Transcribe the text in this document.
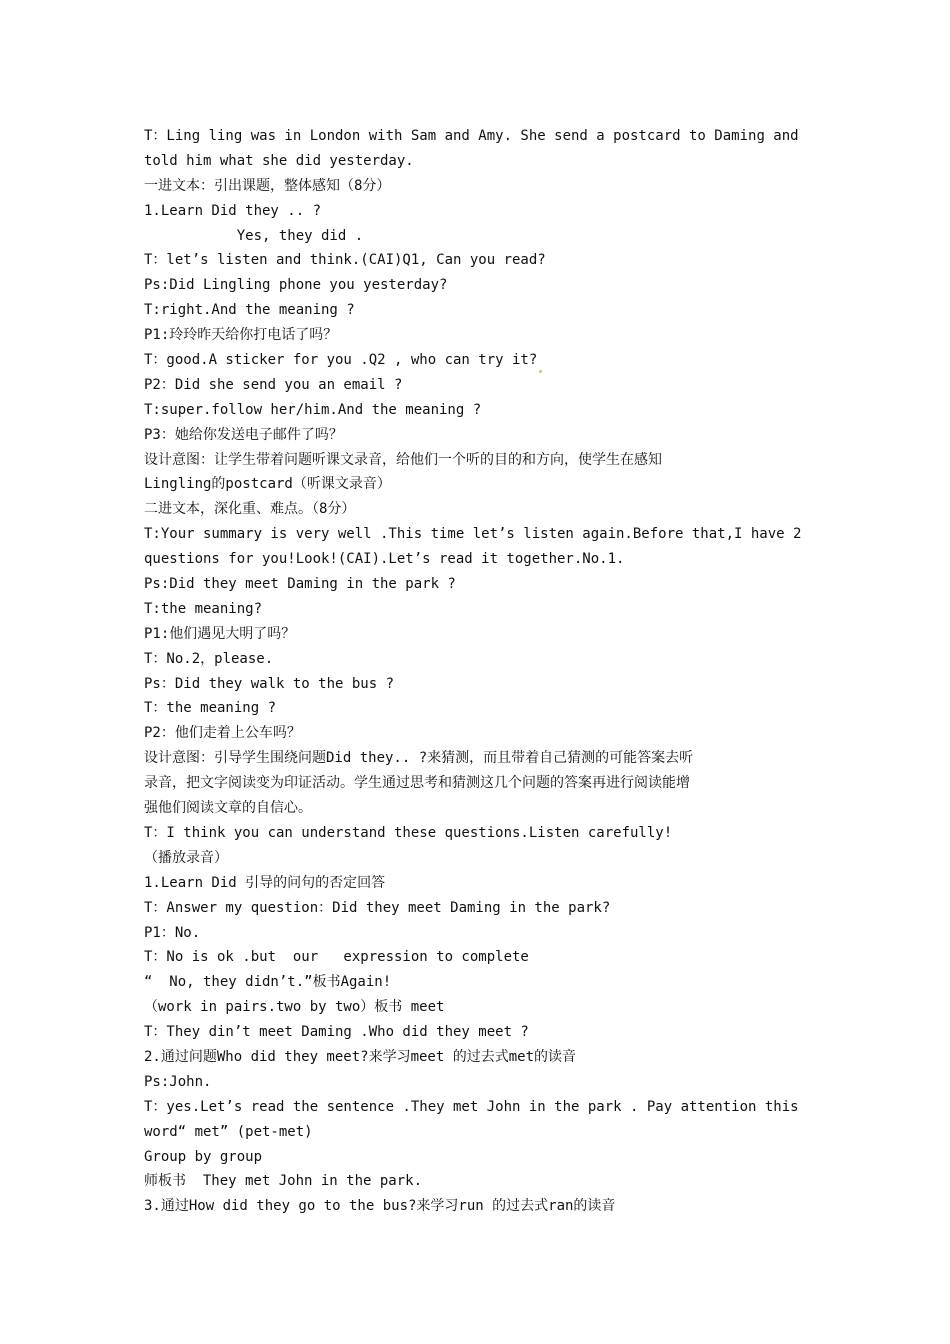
T：Ling ling was in London with Sam and Amy. She send a postcard to Daming and
told him what she did yesterday.
一进文本：引出课题，整体感知（8分）
1.Learn Did they .. ?
Yes, they did .
T：let’s listen and think.(CAI)Q1, Can you read?
Ps:Did Lingling phone you yesterday?
T:right.And the meaning ?
P1:玲玲昨天给你打电话了吗？
T：good.A sticker for you .Q2 , who can try it?
P2：Did she send you an email ?
T:super.follow her/him.And the meaning ?
P3：她给你发送电子邮件了吗？
设计意图：让学生带着问题听课文录音，给他们一个听的目的和方向，使学生在感知
Lingling的postcard（听课文录音）
二进文本，深化重、难点。（8分）
T:Your summary is very well .This time let’s listen again.Before that,I have 2
questions for you!Look!(CAI).Let’s read it together.No.1.
Ps:Did they meet Daming in the park ?
T:the meaning?
P1:他们遇见大明了吗？
T：No.2，please.
Ps：Did they walk to the bus ?
T：the meaning ?
P2：他们走着上公车吗？
设计意图：引导学生围绕问题Did they.. ?来猜测，而且带着自己猜测的可能答案去听
录音，把文字阅读变为印证活动。学生通过思考和猜测这几个问题的答案再进行阅读能增
强他们阅读文章的自信心。
T：I think you can understand these questions.Listen carefully!
（播放录音）
1.Learn Did 引导的问句的否定回答
T：Answer my question：Did they meet Daming in the park?
P1：No.
T：No is ok .but  our   expression to complete
“  No, they didn’t.”板书Again!
（work in pairs.two by two）板书 meet
T：They din’t meet Daming .Who did they meet ?
2.通过问题Who did they meet?来学习meet 的过去式met的读音
Ps:John.
T：yes.Let’s read the sentence .They met John in the park . Pay attention this
word“ met” (pet-met)
Group by group
师板书  They met John in the park.
3.通过How did they go to the bus?来学习run 的过去式ran的读音
